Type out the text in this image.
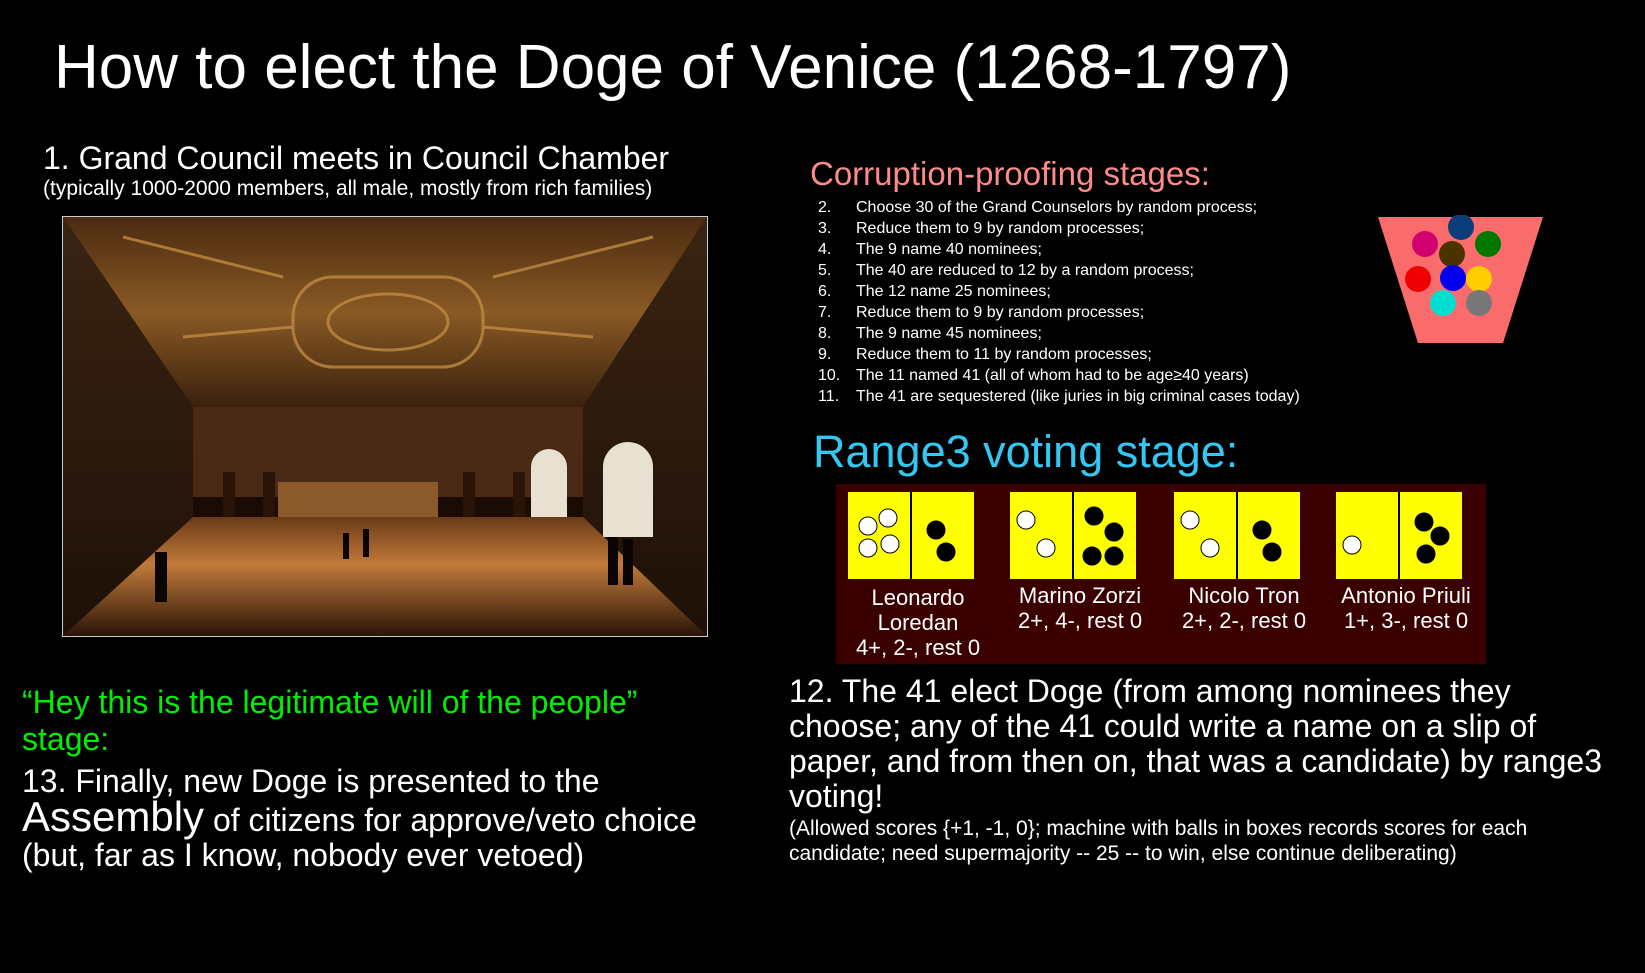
How to elect the Doge of Venice (1268-1797)
1. Grand Council meets in Council Chamber
(typically 1000-2000 members, all male, mostly from rich families)	Corruption-proofing stages:
2. Choose 30 of the Grand Counselors by random process;
3. Reduce them to 9 by random processes;
4. The 9 name 40 nominees;
5. The 40 are reduced to 12 by a random process;
6. The 12 name 25 nominees;
7. Reduce them to 9 by random processes;
8. The 9 name 45 nominees;
9. Reduce them to 11 by random processes;
10. The 11 named 41 (all of whom had to be age≥40 years)
11. The 41 are sequestered (like juries in big criminal cases today)
Range3 voting stage:
Leonardo
Loredan
4+, 2-, rest 0
Marino Zorzi
2+, 4-, rest 0
Nicolo Tron
2+, 2-, rest 0
Antonio Priuli
1+, 3-, rest 0
“Hey this is the legitimate will of the people” stage:
13. Finally, new Doge is presented to the Assembly of citizens for approve/veto choice (but, far as I know, nobody ever vetoed)
12. The 41 elect Doge (from among nominees they choose; any of the 41 could write a name on a slip of paper, and from then on, that was a candidate) by range3 voting!
(Allowed scores {+1, -1, 0}; machine with balls in boxes records scores for each candidate; need supermajority -- 25 -- to win, else continue deliberating)
